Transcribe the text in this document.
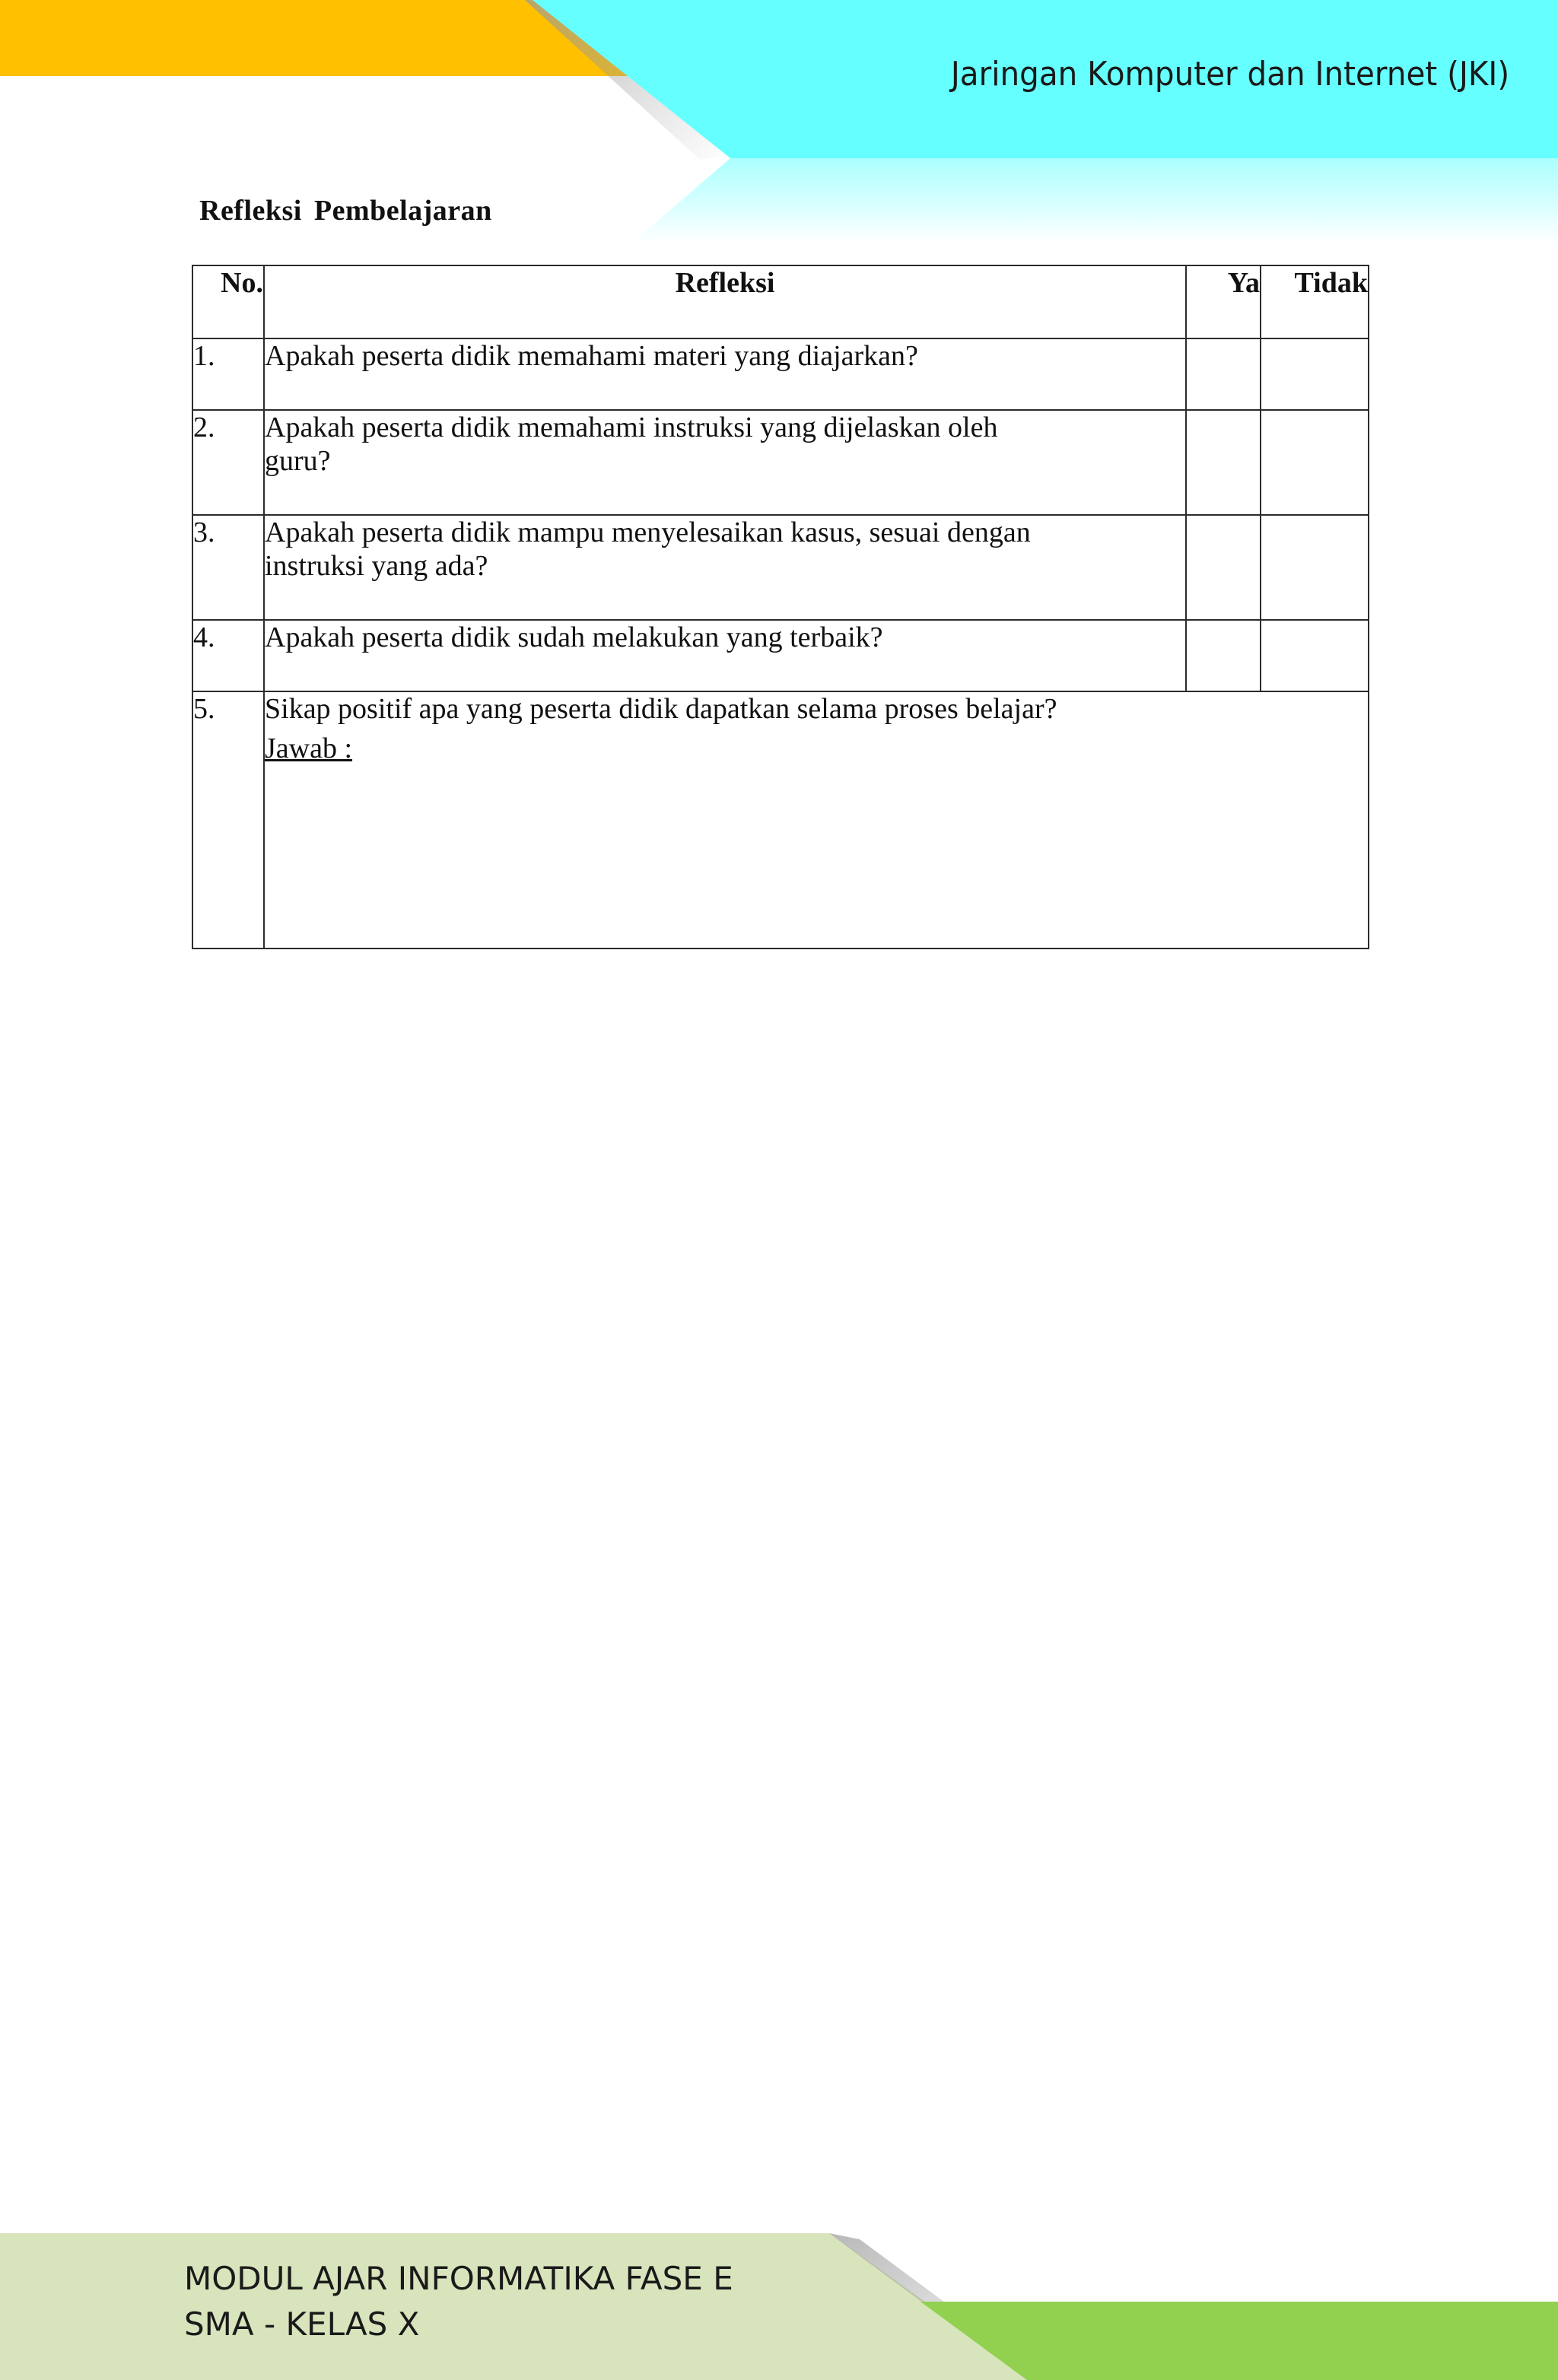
Jaringan Komputer dan Internet (JKI)
Refleksi Pembelajaran
No.	Refleksi	Ya	Tidak
1.	Apakah peserta didik memahami materi yang diajarkan?		

2.	Apakah peserta didik memahami instruksi yang dijelaskan oleh
guru?		

3.	Apakah peserta didik mampu menyelesaikan kasus, sesuai dengan
instruksi yang ada?		

4.	Apakah peserta didik sudah melakukan yang terbaik?		

5.	Sikap positif apa yang peserta didik dapatkan selama proses belajar?
Jawab :		
MODUL AJAR INFORMATIKA FASE E
SMA - KELAS X
